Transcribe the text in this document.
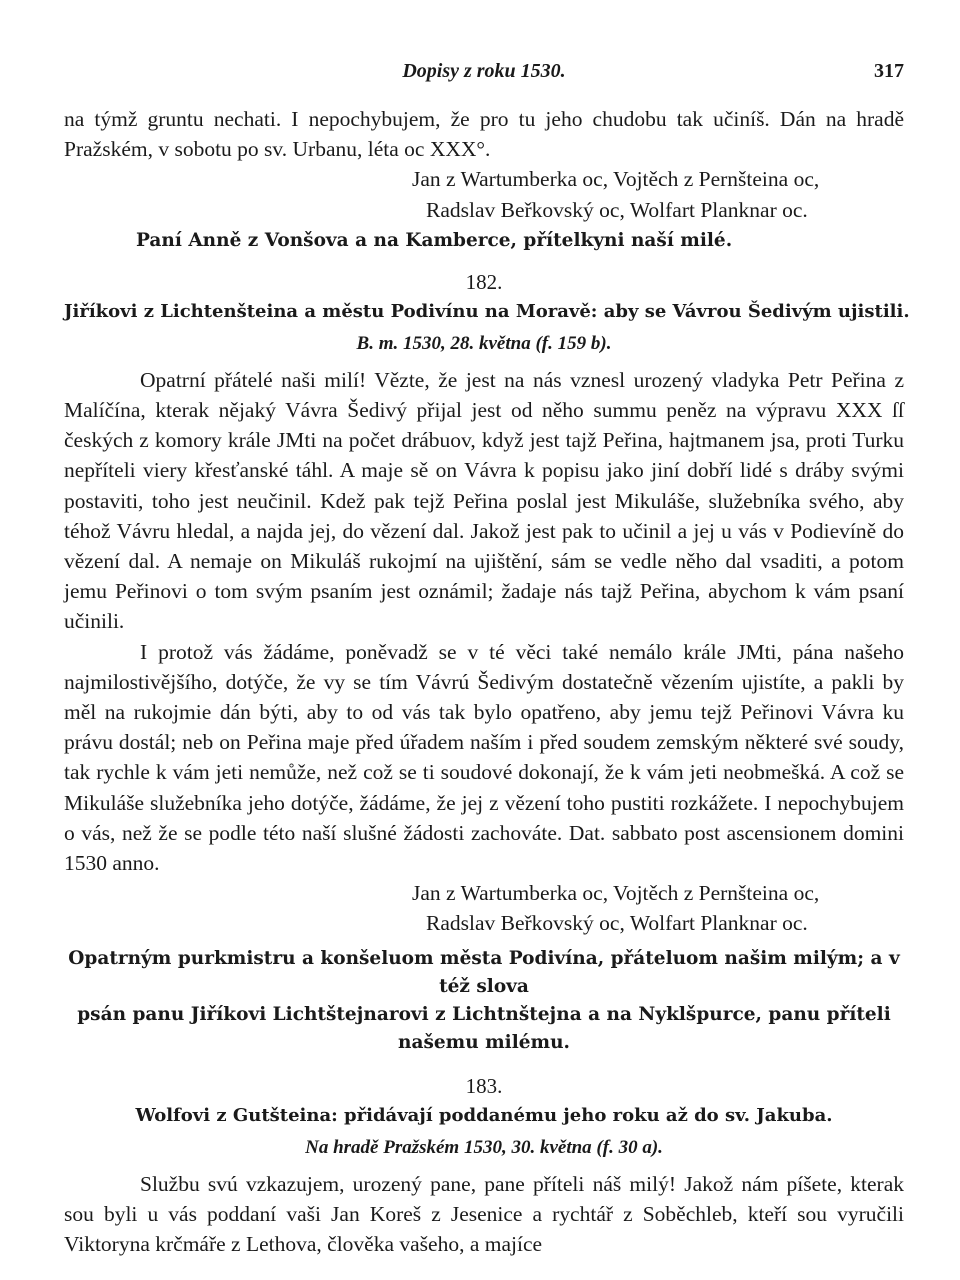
Dopisy z roku 1530.	317

na týmž gruntu nechati. I nepochybujem, že pro tu jeho chudobu tak učiníš. Dán na hradě Pražském, v sobotu po sv. Urbanu, léta oc XXX°.

Jan z Wartumberka oc, Vojtěch z Pernšteina oc,

Radslav Beřkovský oc, Wolfart Planknar oc.

Paní Anně z Vonšova a na Kamberce, přítelkyni naší milé.

182.

Jiříkovi z Lichtenšteina a městu Podivínu na Moravě: aby se Vávrou Šedivým ujistili.

B. m. 1530, 28. května (f. 159 b).

Opatrní přátelé naši milí! Vězte, že jest na nás vznesl urozený vladyka Petr Peřina z Malíčína, kterak nějaký Vávra Šedivý přijal jest od něho summu peněz na výpravu XXX ſſ českých z komory krále JMti na počet drábuov, když jest tajž Peřina, hajtmanem jsa, proti Turku nepříteli viery křesťanské táhl. A maje sě on Vávra k popisu jako jiní dobří lidé s dráby svými postaviti, toho jest neučinil. Kdež pak tejž Peřina poslal jest Mikuláše, služebníka svého, aby téhož Vávru hledal, a najda jej, do vězení dal. Jakož jest pak to učinil a jej u vás v Podievíně do vězení dal. A nemaje on Mikuláš rukojmí na ujištění, sám se vedle něho dal vsaditi, a potom jemu Peřinovi o tom svým psaním jest oznámil; žadaje nás tajž Peřina, abychom k vám psaní učinili.

I protož vás žádáme, poněvadž se v té věci také nemálo krále JMti, pána našeho najmilostivějšího, dotýče, že vy se tím Vávrú Šedivým dostatečně vězením ujistíte, a pakli by měl na rukojmie dán býti, aby to od vás tak bylo opatřeno, aby jemu tejž Peřinovi Vávra ku právu dostál; neb on Peřina maje před úřadem naším i před soudem zemským některé své soudy, tak rychle k vám jeti nemůže, než což se ti soudové dokonají, že k vám jeti neobmešká. A což se Mikuláše služebníka jeho dotýče, žádáme, že jej z vězení toho pustiti rozkážete. I nepochybujem o vás, než že se podle této naší slušné žádosti zachováte. Dat. sabbato post ascensionem domini 1530 anno.

Jan z Wartumberka oc, Vojtěch z Pernšteina oc,

Radslav Beřkovský oc, Wolfart Planknar oc.

Opatrným purkmistru a konšeluom města Podivína, přáteluom našim milým; a v též slova

psán panu Jiříkovi Lichtštejnarovi z Lichtnštejna a na Nyklšpurce, panu příteli našemu milému.

183.

Wolfovi z Gutšteina: přidávají poddanému jeho roku až do sv. Jakuba.

Na hradě Pražském 1530, 30. května (f. 30 a).

Službu svú vzkazujem, urozený pane, pane příteli náš milý! Jakož nám píšete, kterak sou byli u vás poddaní vaši Jan Koreš z Jesenice a rychtář z Soběchleb, kteří sou vyručili Viktoryna krčmáře z Lethova, člověka vašeho, a majíce
